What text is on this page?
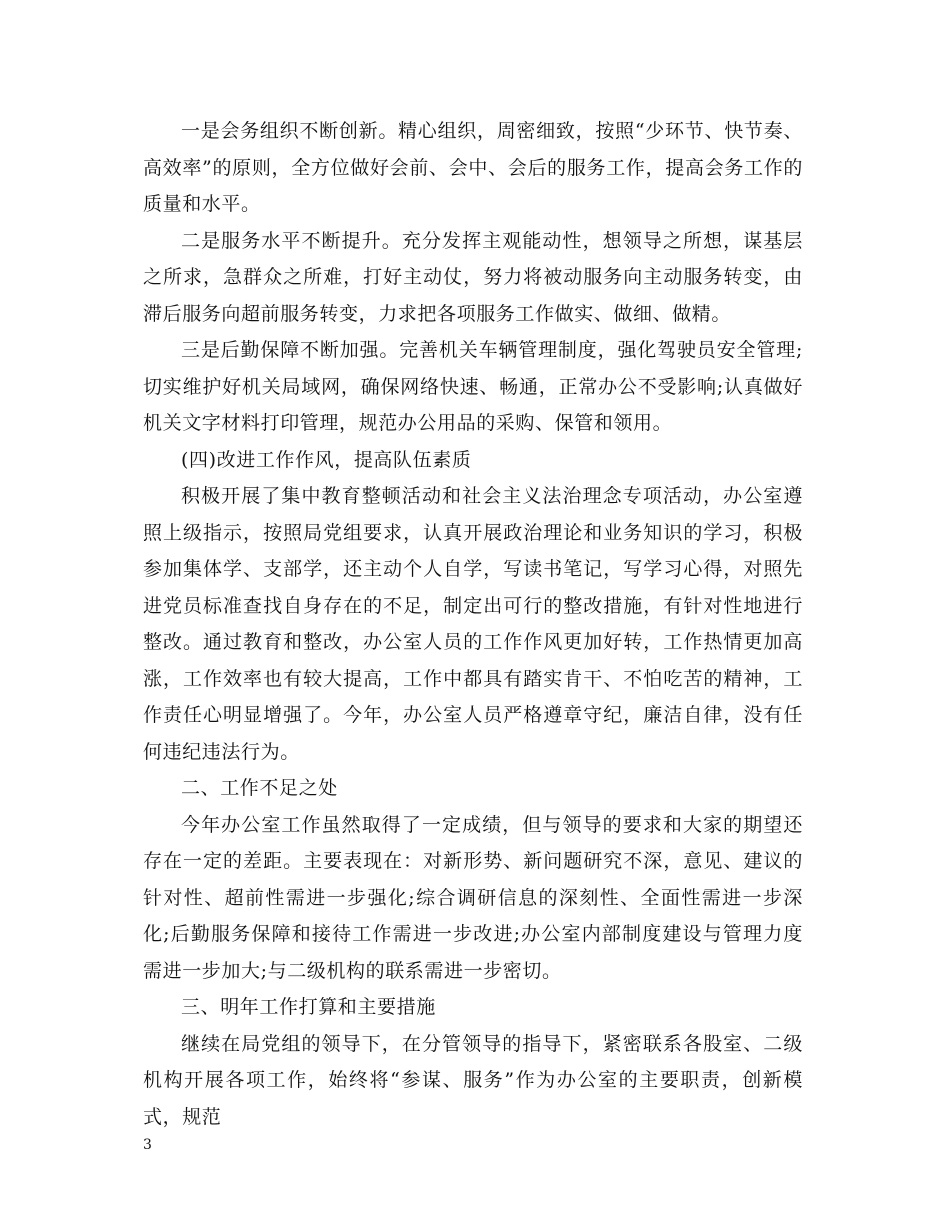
一是会务组织不断创新。精心组织，周密细致，按照“少环节、快节奏、高效率”的原则，全方位做好会前、会中、会后的服务工作，提高会务工作的质量和水平。

二是服务水平不断提升。充分发挥主观能动性，想领导之所想，谋基层之所求，急群众之所难，打好主动仗，努力将被动服务向主动服务转变，由滞后服务向超前服务转变，力求把各项服务工作做实、做细、做精。

三是后勤保障不断加强。完善机关车辆管理制度，强化驾驶员安全管理;切实维护好机关局域网，确保网络快速、畅通，正常办公不受影响;认真做好机关文字材料打印管理，规范办公用品的采购、保管和领用。

(四)改进工作作风，提高队伍素质

积极开展了集中教育整顿活动和社会主义法治理念专项活动，办公室遵照上级指示，按照局党组要求，认真开展政治理论和业务知识的学习，积极参加集体学、支部学，还主动个人自学，写读书笔记，写学习心得，对照先进党员标准查找自身存在的不足，制定出可行的整改措施，有针对性地进行整改。通过教育和整改，办公室人员的工作作风更加好转，工作热情更加高涨，工作效率也有较大提高，工作中都具有踏实肯干、不怕吃苦的精神，工作责任心明显增强了。今年，办公室人员严格遵章守纪，廉洁自律，没有任何违纪违法行为。

二、工作不足之处

今年办公室工作虽然取得了一定成绩，但与领导的要求和大家的期望还存在一定的差距。主要表现在：对新形势、新问题研究不深，意见、建议的针对性、超前性需进一步强化;综合调研信息的深刻性、全面性需进一步深化;后勤服务保障和接待工作需进一步改进;办公室内部制度建设与管理力度需进一步加大;与二级机构的联系需进一步密切。

三、明年工作打算和主要措施

继续在局党组的领导下，在分管领导的指导下，紧密联系各股室、二级机构开展各项工作，始终将“参谋、服务”作为办公室的主要职责，创新模式，规范

3
